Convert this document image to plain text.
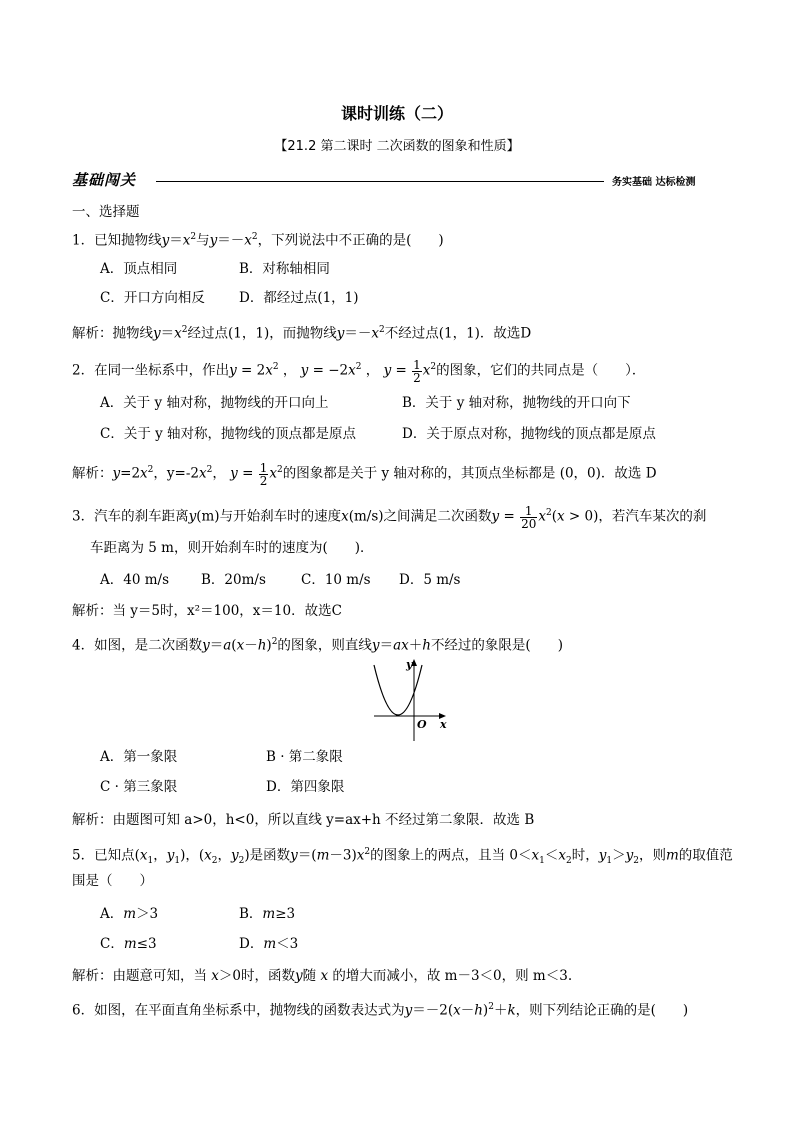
课时训练（二）
【21.2 第二课时 二次函数的图象和性质】
基础闯关	务实基础 达标检测
一、选择题
1．已知抛物线$y=x^2$与$y=-x^2$，下列说法中不正确的是(　　)
A．顶点相同	B．对称轴相同
C．开口方向相反	D．都经过点(1，1)
解析：抛物线$y=x^2$经过点(1，1)，而抛物线$y=-x^2$不经过点(1，1)．故选D
2．在同一坐标系中，作出$y = 2x^2$ ， $y = -2x^2$ ， $y = \frac{1}{2} x^2$的图象，它们的共同点是（　　）．
A．关于 y 轴对称，抛物线的开口向上	B．关于 y 轴对称，抛物线的开口向下
C．关于 y 轴对称，抛物线的顶点都是原点	D．关于原点对称，抛物线的顶点都是原点
解析：$y=2x^2$，$y=-2x^2$， $y = \frac{1}{2} x^2$的图象都是关于 y 轴对称的，其顶点坐标都是 (0，0)．故选 D
3．汽车的刹车距离y(m)与开始刹车时的速度x(m/s)之间满足二次函数$y = \frac{1}{20} x^2(x > 0)$，若汽车某次的刹
车距离为 5 m，则开始刹车时的速度为(　　)．
A．40 m/s B．20m/s	C．10 m/s D．5 m/s
解析：当 y＝5时，x²＝100，x＝10．故选C
4．如图，是二次函数$y=a(x-h)^2$的图象，则直线y＝ax＋h不经过的象限是(　　)
y
x
O
A．第一象限	B · 第二象限
C · 第三象限	D．第四象限
解析：由题图可知 a>0，h<0，所以直线 y=ax+h 不经过第二象限．故选 B
5．已知点($x_1$，$y_1$)，($x_2$，$y_2$)是函数$y=(m-3)x^2$的图象上的两点，且当 $0<x_1<x_2$时，$y_1>y_2$，则m的取值范
围是（　　）
A．m＞3	B．m≥3
C．m≤3	D．m＜3
解析：由题意可知，当 x＞0时，函数y随 x 的增大而减小，故 m－3＜0，则 m＜3.
6．如图，在平面直角坐标系中，抛物线的函数表达式为$y=-2(x-h)^2+k$，则下列结论正确的是(　　)
